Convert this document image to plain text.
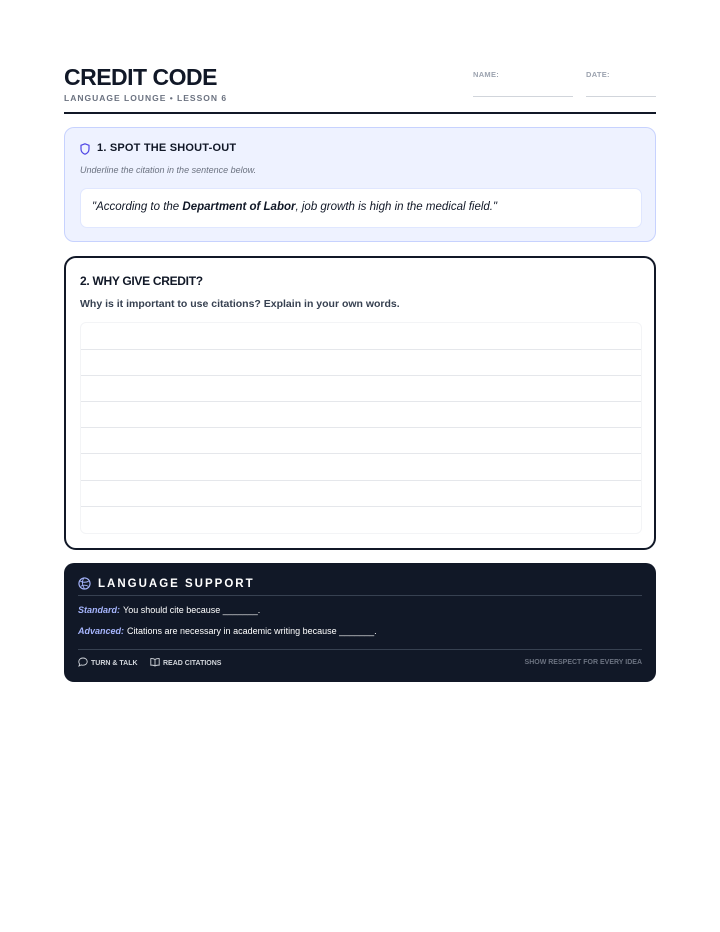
CREDIT CODE
LANGUAGE LOUNGE • LESSON 6
NAME:	DATE:
1. SPOT THE SHOUT-OUT
Underline the citation in the sentence below.
"According to the Department of Labor, job growth is high in the medical field."
2. WHY GIVE CREDIT?
Why is it important to use citations? Explain in your own words.
LANGUAGE SUPPORT
Standard: You should cite because _______.
Advanced: Citations are necessary in academic writing because _______.
TURN & TALK	READ CITATIONS	SHOW RESPECT FOR EVERY IDEA
